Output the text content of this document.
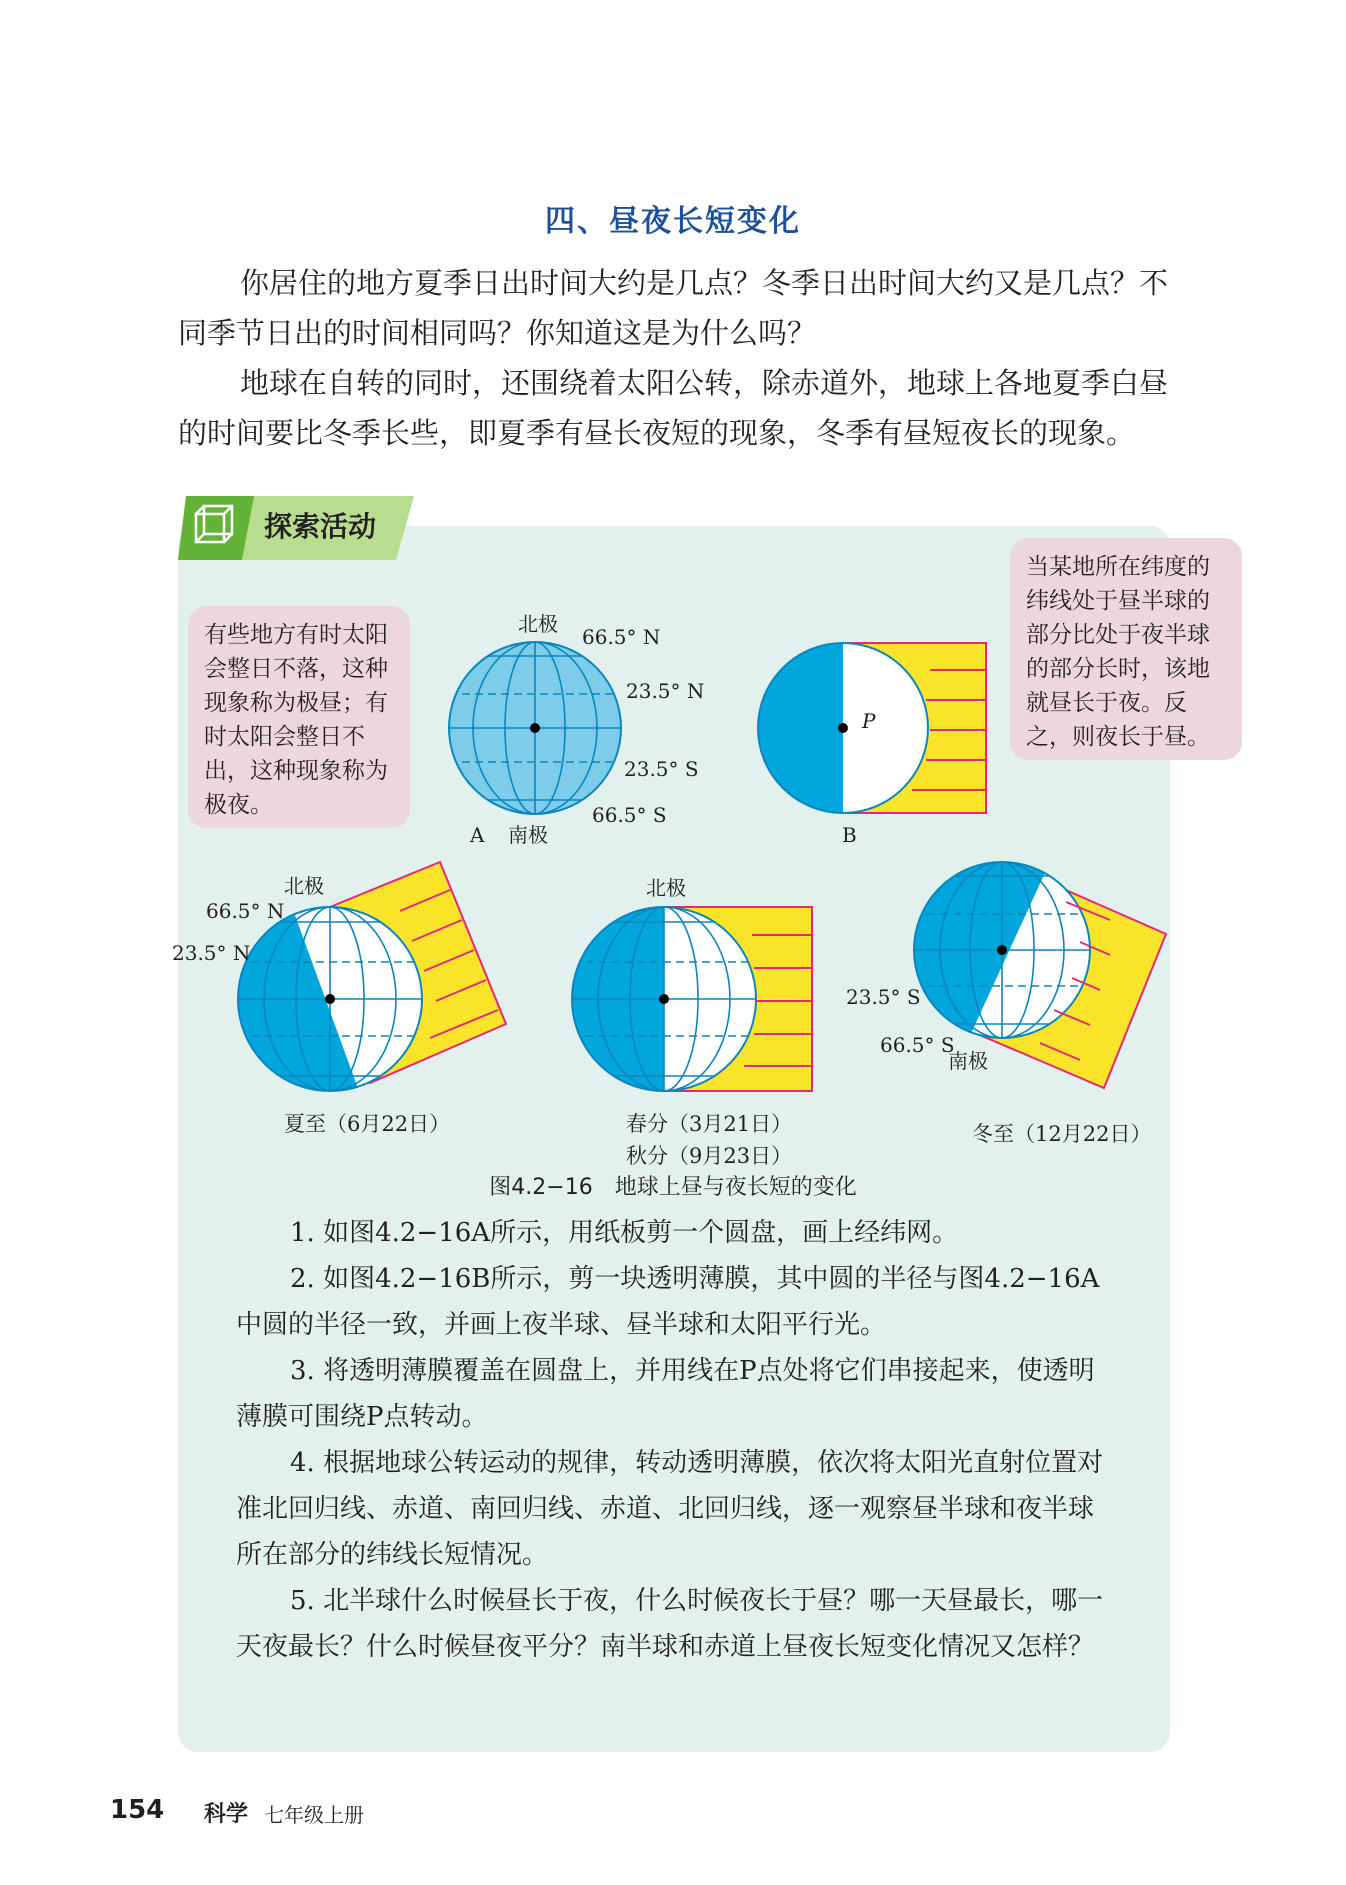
四、昼夜长短变化

你居住的地方夏季日出时间大约是几点？冬季日出时间大约又是几点？不同季节日出的时间相同吗？你知道这是为什么吗？

地球在自转的同时，还围绕着太阳公转，除赤道外，地球上各地夏季白昼的时间要比冬季长些，即夏季有昼长夜短的现象，冬季有昼短夜长的现象。

探索活动
有些地方有时太阳会整日不落，这种现象称为极昼；有时太阳会整日不出，这种现象称为极夜。
当某地所在纬度的纬线处于昼半球的部分比处于夜半球的部分长时，该地就昼长于夜。反之，则夜长于昼。
北极
66.5° N
23.5° N
23.5° S
66.5° S
A 南极
P
B
北极
66.5° N
23.5° N
北极
23.5° S
66.5° S
南极
夏至（6月22日）	春分（3月21日）
秋分（9月23日）
冬至（12月22日）
图4.2−16　地球上昼与夜长短的变化

1. 如图4.2−16A所示，用纸板剪一个圆盘，画上经纬网。

2. 如图4.2−16B所示，剪一块透明薄膜，其中圆的半径与图4.2−16A中圆的半径一致，并画上夜半球、昼半球和太阳平行光。

3. 将透明薄膜覆盖在圆盘上，并用线在P点处将它们串接起来，使透明薄膜可围绕P点转动。

4. 根据地球公转运动的规律，转动透明薄膜，依次将太阳光直射位置对准北回归线、赤道、南回归线、赤道、北回归线，逐一观察昼半球和夜半球所在部分的纬线长短情况。

5. 北半球什么时候昼长于夜，什么时候夜长于昼？哪一天昼最长，哪一天夜最长？什么时候昼夜平分？南半球和赤道上昼夜长短变化情况又怎样？

154 科学 七年级上册
